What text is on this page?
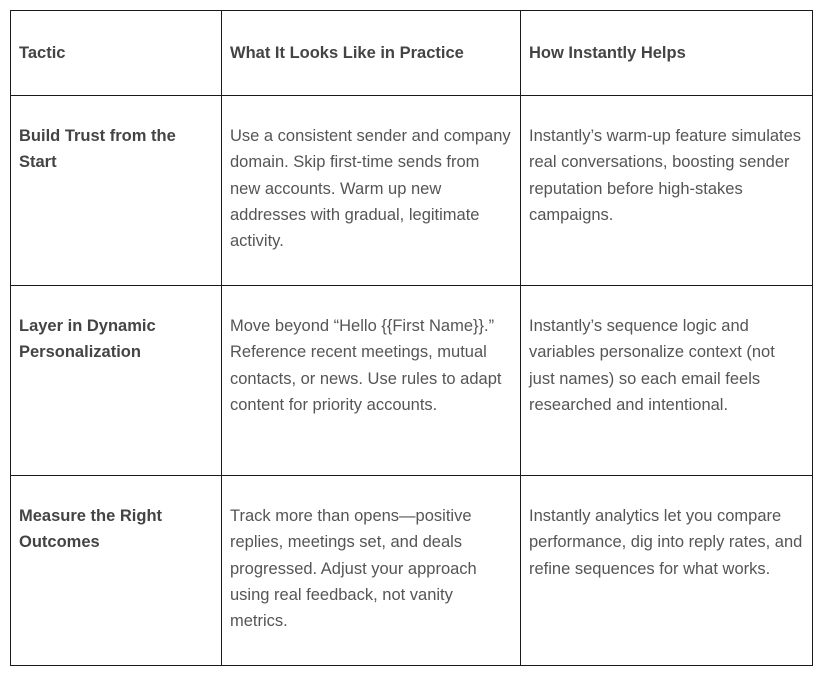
Tactic	What It Looks Like in Practice	How Instantly Helps
Build Trust from the Start	Use a consistent sender and company domain. Skip first-time sends from new accounts. Warm up new addresses with gradual, legitimate activity.	Instantly’s warm-up feature simulates real conversations, boosting sender reputation before high-stakes campaigns.
Layer in Dynamic Personalization	Move beyond “Hello {{First Name}}.” Reference recent meetings, mutual contacts, or news. Use rules to adapt content for priority accounts.	Instantly’s sequence logic and variables personalize context (not just names) so each email feels researched and intentional.
Measure the Right Outcomes	Track more than opens—positive replies, meetings set, and deals progressed. Adjust your approach using real feedback, not vanity metrics.	Instantly analytics let you compare performance, dig into reply rates, and refine sequences for what works.
